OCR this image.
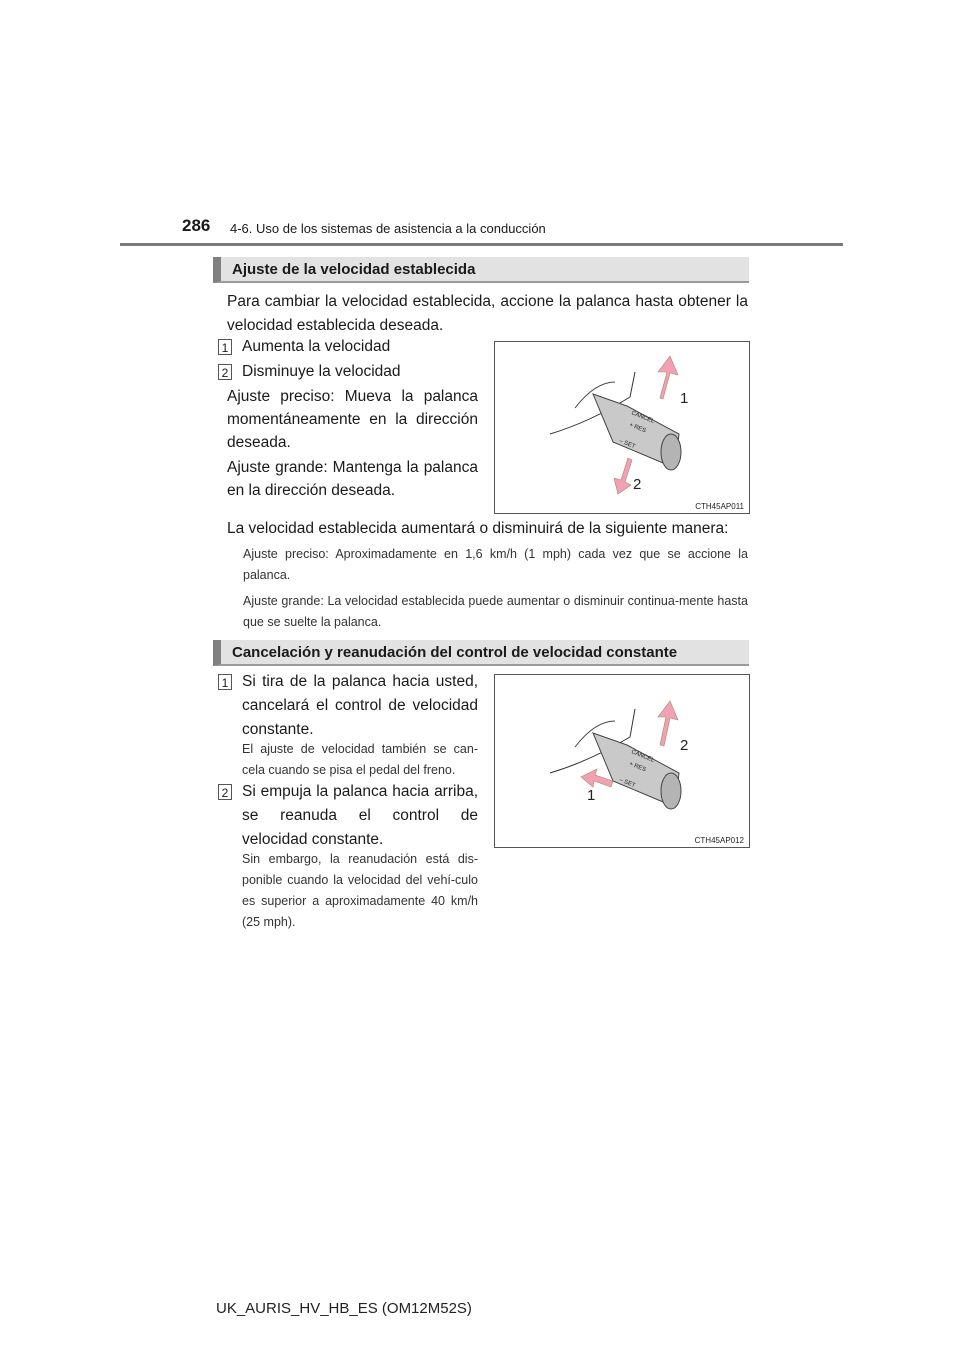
286 4-6. Uso de los sistemas de asistencia a la conducción
Ajuste de la velocidad establecida
Para cambiar la velocidad establecida, accione la palanca hasta obtener la velocidad establecida deseada.
1 Aumenta la velocidad
2 Disminuye la velocidad
Ajuste preciso: Mueva la palanca momentáneamente en la dirección deseada.
Ajuste grande: Mantenga la palanca en la dirección deseada.
CANCEL
+ RES
– SET
1
2
CTH45AP011
La velocidad establecida aumentará o disminuirá de la siguiente manera:
Ajuste preciso: Aproximadamente en 1,6 km/h (1 mph) cada vez que se accione la palanca.
Ajuste grande: La velocidad establecida puede aumentar o disminuir continua-mente hasta que se suelte la palanca.
Cancelación y reanudación del control de velocidad constante
1 Si tira de la palanca hacia usted, cancelará el control de velocidad constante.
El ajuste de velocidad también se can-cela cuando se pisa el pedal del freno.
2 Si empuja la palanca hacia arriba, se reanuda el control de velocidad constante.
Sin embargo, la reanudación está dis-ponible cuando la velocidad del vehí-culo es superior a aproximadamente 40 km/h (25 mph).
CANCEL
+ RES
– SET
2
1
CTH45AP012
UK_AURIS_HV_HB_ES (OM12M52S)
